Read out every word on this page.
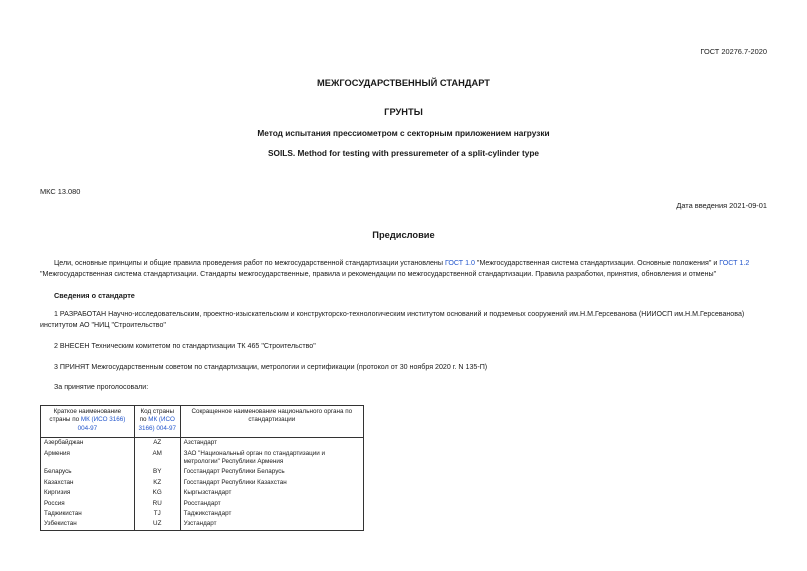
ГОСТ 20276.7-2020
МЕЖГОСУДАРСТВЕННЫЙ СТАНДАРТ
ГРУНТЫ
Метод испытания прессиометром с секторным приложением нагрузки
SOILS. Method for testing with pressuremeter of a split-cylinder type
МКС 13.080
Дата введения 2021-09-01
Предисловие
Цели, основные принципы и общие правила проведения работ по межгосударственной стандартизации установлены ГОСТ 1.0 "Межгосударственная система стандартизации. Основные положения" и ГОСТ 1.2 "Межгосударственная система стандартизации. Стандарты межгосударственные, правила и рекомендации по межгосударственной стандартизации. Правила разработки, принятия, обновления и отмены"
Сведения о стандарте
1 РАЗРАБОТАН Научно-исследовательским, проектно-изыскательским и конструкторско-технологическим институтом оснований и подземных сооружений им.Н.М.Герсеванова (НИИОСП им.Н.М.Герсеванова) институтом АО "НИЦ "Строительство"
2 ВНЕСЕН Техническим комитетом по стандартизации ТК 465 "Строительство"
3 ПРИНЯТ Межгосударственным советом по стандартизации, метрологии и сертификации (протокол от 30 ноября 2020 г. N 135-П)
За принятие проголосовали:
Краткое наименование страны по МК (ИСО 3166) 004-97	Код страны по МК (ИСО 3166) 004-97	Сокращенное наименование национального органа по стандартизации
Азербайджан	AZ	Азстандарт
Армения	AM	ЗАО "Национальный орган по стандартизации и метрологии" Республики Армения
Беларусь	BY	Госстандарт Республики Беларусь
Казахстан	KZ	Госстандарт Республики Казахстан
Киргизия	KG	Кыргызстандарт
Россия	RU	Росстандарт
Таджикистан	TJ	Таджикстандарт
Узбекистан	UZ	Узстандарт
